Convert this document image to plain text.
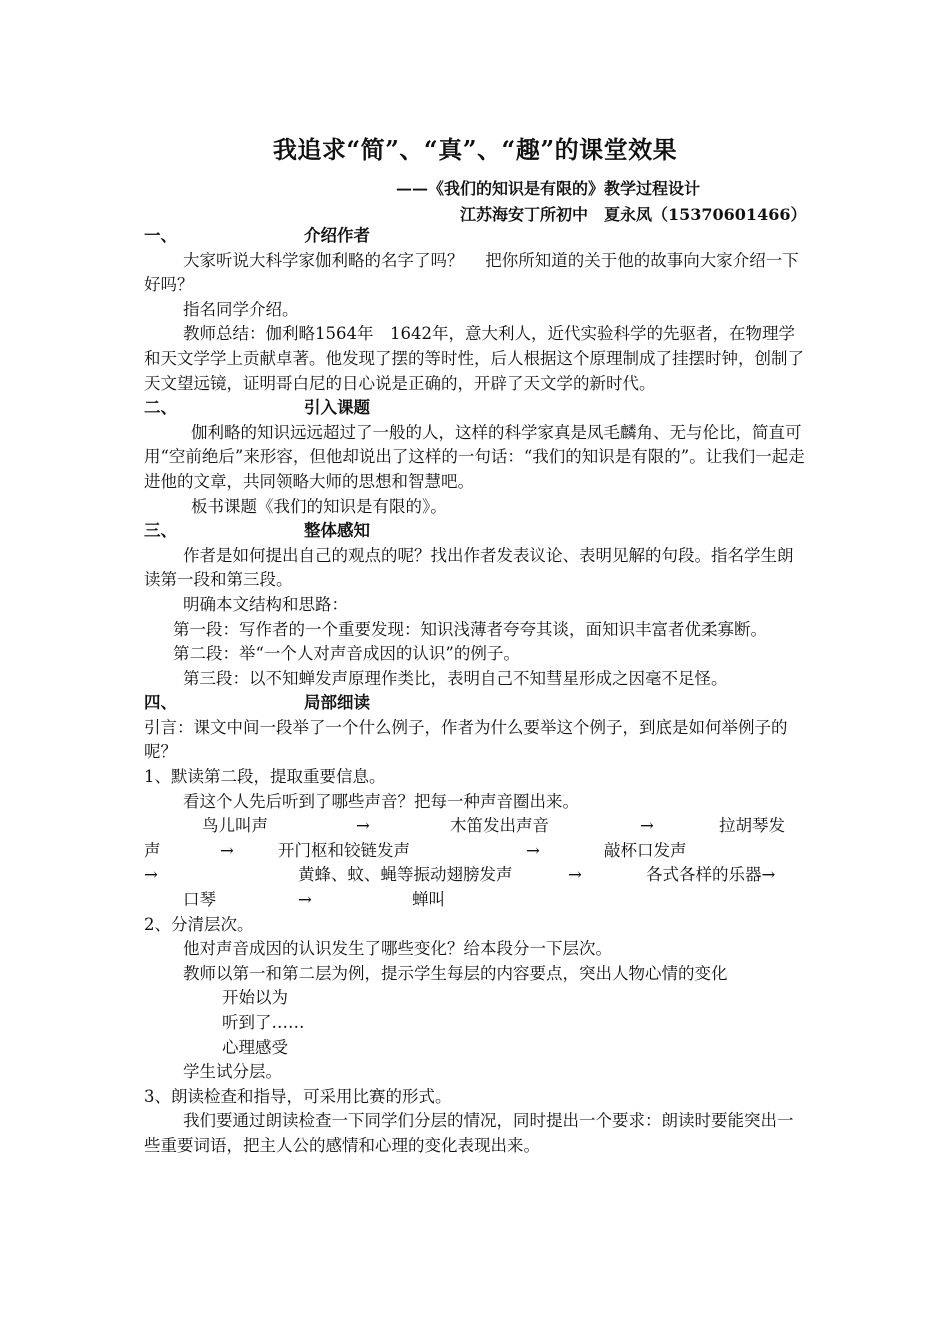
我追求“简”、“真”、“趣”的课堂效果
——《我们的知识是有限的》教学过程设计
江苏海安丁所初中　夏永凤（15370601466）
一、	介绍作者

大家听说大科学家伽利略的名字了吗？　 把你所知道的关于他的故事向大家介绍一下好吗？

指名同学介绍。

教师总结：伽利略1564年　1642年，意大利人，近代实验科学的先驱者，在物理学和天文学学上贡献卓著。他发现了摆的等时性，后人根据这个原理制成了挂摆时钟，创制了天文望远镜，证明哥白尼的日心说是正确的，开辟了天文学的新时代。

二、	引入课题

伽利略的知识远远超过了一般的人，这样的科学家真是凤毛麟角、无与伦比，简直可用“空前绝后”来形容，但他却说出了这样的一句话：“我们的知识是有限的”。让我们一起走进他的文章，共同领略大师的思想和智慧吧。

板书课题《我们的知识是有限的》。

三、	整体感知

作者是如何提出自己的观点的呢？找出作者发表议论、表明见解的句段。指名学生朗读第一段和第三段。

明确本文结构和思路：

第一段：写作者的一个重要发现：知识浅薄者夸夸其谈，面知识丰富者优柔寡断。

第二段：举“一个人对声音成因的认识”的例子。

第三段：以不知蝉发声原理作类比，表明自己不知彗星形成之因毫不足怪。

四、	局部细读

引言：课文中间一段举了一个什么例子，作者为什么要举这个例子，到底是如何举例子的呢？

1、默读第二段，提取重要信息。

看这个人先后听到了哪些声音？把每一种声音圈出来。

鸟儿叫声	→	木笛发出声音	→	拉胡琴发
声	→	开门枢和铰链发声	→	敲杯口发声
→	黄蜂、蚊、蝇等振动翅膀发声	→	各式各样的乐器→
口琴	→	蝉叫

2、分清层次。

他对声音成因的认识发生了哪些变化？给本段分一下层次。

教师以第一和第二层为例，提示学生每层的内容要点，突出人物心情的变化

开始以为

听到了……

心理感受

学生试分层。

3、朗读检查和指导，可采用比赛的形式。

我们要通过朗读检查一下同学们分层的情况，同时提出一个要求：朗读时要能突出一些重要词语，把主人公的感情和心理的变化表现出来。
